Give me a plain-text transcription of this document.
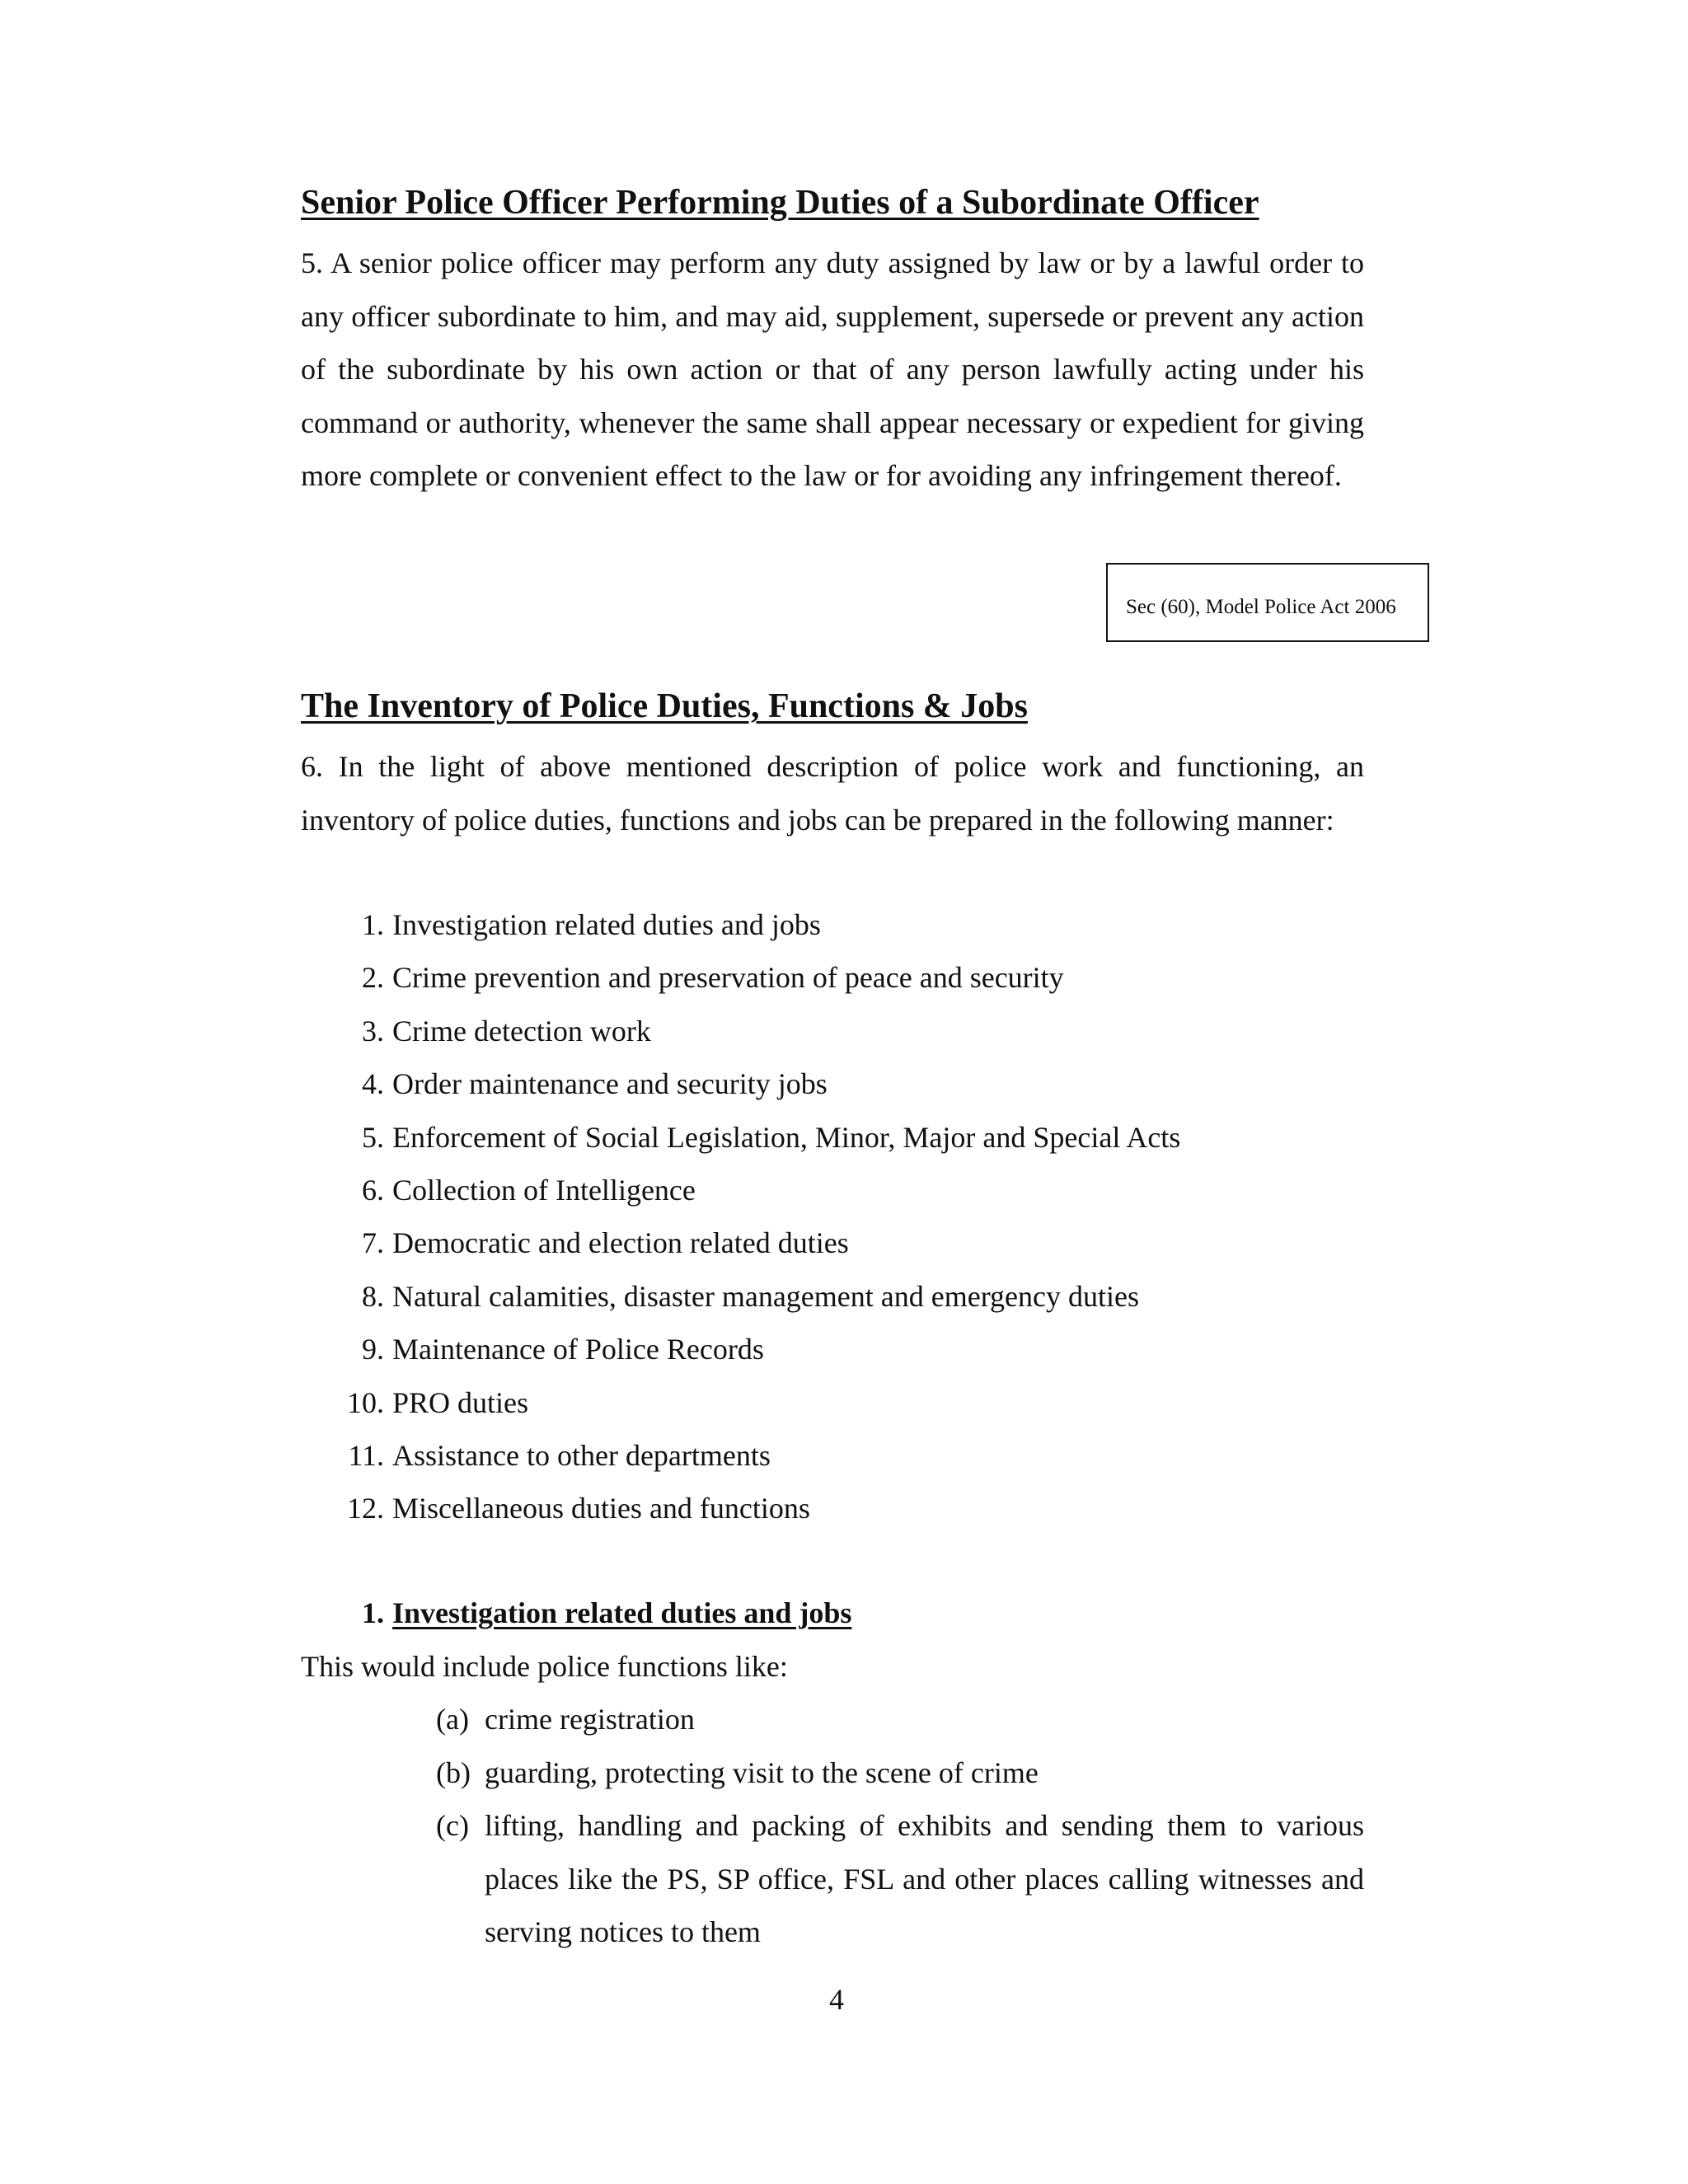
Senior Police Officer Performing Duties of a Subordinate Officer

5. A senior police officer may perform any duty assigned by law or by a lawful order to any officer subordinate to him, and may aid, supplement, supersede or prevent any action of the subordinate by his own action or that of any person lawfully acting under his command or authority, whenever the same shall appear necessary or expedient for giving more complete or convenient effect to the law or for avoiding any infringement thereof.

Sec (60), Model Police Act 2006
The Inventory of Police Duties, Functions & Jobs

6. In the light of above mentioned description of police work and functioning, an inventory of police duties, functions and jobs can be prepared in the following manner:

1. Investigation related duties and jobs
2. Crime prevention and preservation of peace and security
3. Crime detection work
4. Order maintenance and security jobs
5. Enforcement of Social Legislation, Minor, Major and Special Acts
6. Collection of Intelligence
7. Democratic and election related duties
8. Natural calamities, disaster management and emergency duties
9. Maintenance of Police Records
10. PRO duties
11. Assistance to other departments
12. Miscellaneous duties and functions
1. Investigation related duties and jobs
This would include police functions like:
(a) crime registration
(b) guarding, protecting visit to the scene of crime
(c) lifting, handling and packing of exhibits and sending them to various places like the PS, SP office, FSL and other places calling witnesses and serving notices to them
4
